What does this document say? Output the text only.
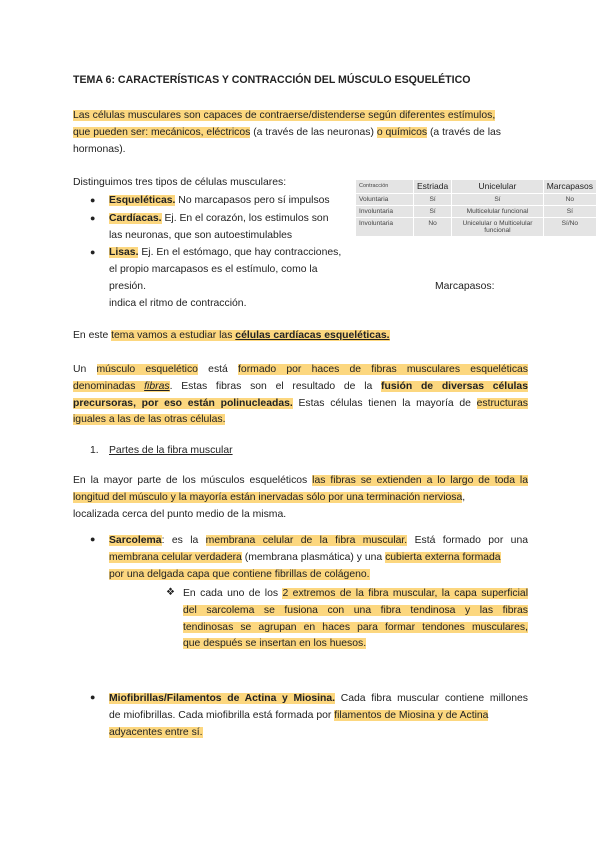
TEMA 6: CARACTERÍSTICAS Y CONTRACCIÓN DEL MÚSCULO ESQUELÉTICO
Las células musculares son capaces de contraerse/distenderse según diferentes estímulos,
que pueden ser: mecánicos, eléctricos (a través de las neuronas) o químicos (a través de las
hormonas).
Distinguimos tres tipos de células musculares:
● Esqueléticas. No marcapasos pero sí impulsos
● Cardíacas. Ej. En el corazón, los estimulos son
las neuronas, que son autoestimulables
● Lisas. Ej. En el estómago, que hay contracciones,
el propio marcapasos es el estímulo, como la
presión.	Marcapasos:
indica el ritmo de contracción.
Contracción	Estriada	Unicelular	Marcapasos
Voluntaria	Sí	Sí	No
Involuntaria	Sí	Multicelular funcional	Sí
Involuntaria	No	Unicelular o Multicelular funcional	Sí/No
En este tema vamos a estudiar las células cardíacas esqueléticas.
Un músculo esquelético está formado por haces de fibras musculares esqueléticas
denominadas fibras. Estas fibras son el resultado de la fusión de diversas células
precursoras, por eso están polinucleadas. Estas células tienen la mayoría de estructuras
iguales a las de las otras células.
1. Partes de la fibra muscular
En la mayor parte de los músculos esqueléticos las fibras se extienden a lo largo de toda la
longitud del músculo y la mayoría están inervadas sólo por una terminación nerviosa,
localizada cerca del punto medio de la misma.
● Sarcolema: es la membrana celular de la fibra muscular. Está formado por una
membrana celular verdadera (membrana plasmática) y una cubierta externa formada
por una delgada capa que contiene fibrillas de colágeno.
❖ En cada uno de los 2 extremos de la fibra muscular, la capa superficial
del sarcolema se fusiona con una fibra tendinosa y las fibras
tendinosas se agrupan en haces para formar tendones musculares,
que después se insertan en los huesos.
● Miofibrillas/Filamentos de Actina y Miosina. Cada fibra muscular contiene millones
de miofibrillas. Cada miofibrilla está formada por filamentos de Miosina y de Actina
adyacentes entre sí.
